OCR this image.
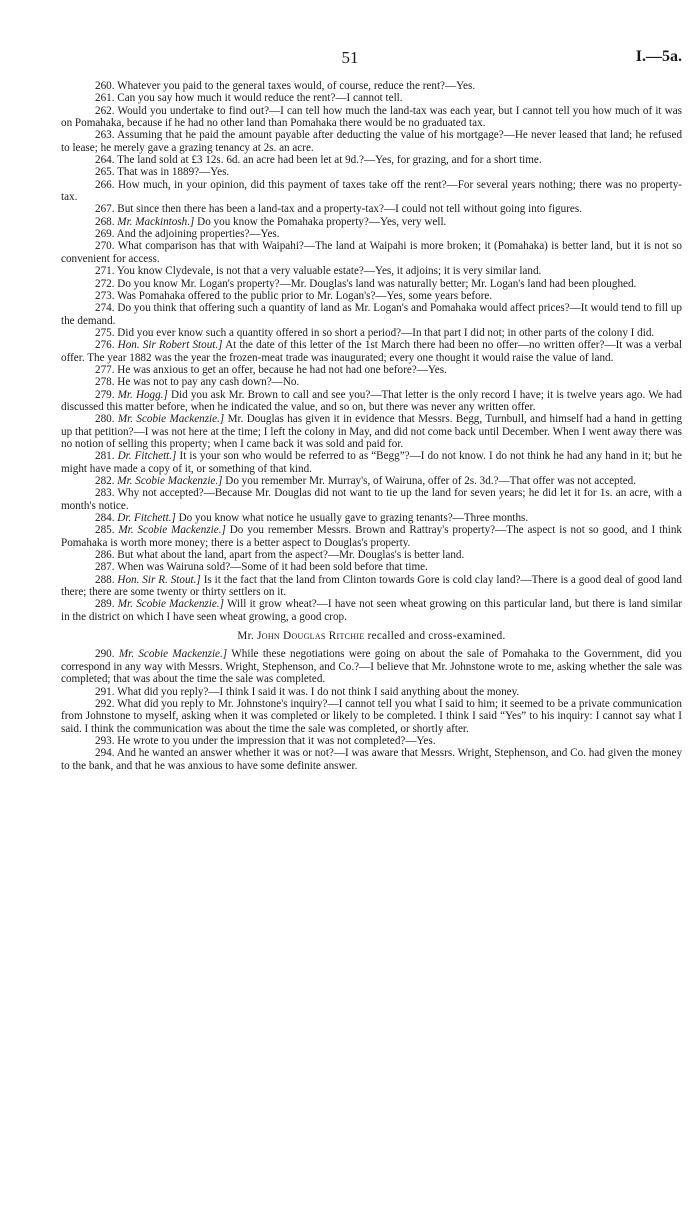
51	I.—5a.

260. Whatever you paid to the general taxes would, of course, reduce the rent?—Yes.

261. Can you say how much it would reduce the rent?—I cannot tell.

262. Would you undertake to find out?—I can tell how much the land-tax was each year, but I cannot tell you how much of it was on Pomahaka, because if he had no other land than Pomahaka there would be no graduated tax.

263. Assuming that he paid the amount payable after deducting the value of his mortgage?—He never leased that land; he refused to lease; he merely gave a grazing tenancy at 2s. an acre.

264. The land sold at £3 12s. 6d. an acre had been let at 9d.?—Yes, for grazing, and for a short time.

265. That was in 1889?—Yes.

266. How much, in your opinion, did this payment of taxes take off the rent?—For several years nothing; there was no property-tax.

267. But since then there has been a land-tax and a property-tax?—I could not tell without going into figures.

268. Mr. Mackintosh.] Do you know the Pomahaka property?—Yes, very well.

269. And the adjoining properties?—Yes.

270. What comparison has that with Waipahi?—The land at Waipahi is more broken; it (Pomahaka) is better land, but it is not so convenient for access.

271. You know Clydevale, is not that a very valuable estate?—Yes, it adjoins; it is very similar land.

272. Do you know Mr. Logan's property?—Mr. Douglas's land was naturally better; Mr. Logan's land had been ploughed.

273. Was Pomahaka offered to the public prior to Mr. Logan's?—Yes, some years before.

274. Do you think that offering such a quantity of land as Mr. Logan's and Pomahaka would affect prices?—It would tend to fill up the demand.

275. Did you ever know such a quantity offered in so short a period?—In that part I did not; in other parts of the colony I did.

276. Hon. Sir Robert Stout.] At the date of this letter of the 1st March there had been no offer—no written offer?—It was a verbal offer. The year 1882 was the year the frozen-meat trade was inaugurated; every one thought it would raise the value of land.

277. He was anxious to get an offer, because he had not had one before?—Yes.

278. He was not to pay any cash down?—No.

279. Mr. Hogg.] Did you ask Mr. Brown to call and see you?—That letter is the only record I have; it is twelve years ago. We had discussed this matter before, when he indicated the value, and so on, but there was never any written offer.

280. Mr. Scobie Mackenzie.] Mr. Douglas has given it in evidence that Messrs. Begg, Turnbull, and himself had a hand in getting up that petition?—I was not here at the time; I left the colony in May, and did not come back until December. When I went away there was no notion of selling this property; when I came back it was sold and paid for.

281. Dr. Fitchett.] It is your son who would be referred to as “Begg”?—I do not know. I do not think he had any hand in it; but he might have made a copy of it, or something of that kind.

282. Mr. Scobie Mackenzie.] Do you remember Mr. Murray's, of Wairuna, offer of 2s. 3d.?—That offer was not accepted.

283. Why not accepted?—Because Mr. Douglas did not want to tie up the land for seven years; he did let it for 1s. an acre, with a month's notice.

284. Dr. Fitchett.] Do you know what notice he usually gave to grazing tenants?—Three months.

285. Mr. Scobie Mackenzie.] Do you remember Messrs. Brown and Rattray's property?—The aspect is not so good, and I think Pomahaka is worth more money; there is a better aspect to Douglas's property.

286. But what about the land, apart from the aspect?—Mr. Douglas's is better land.

287. When was Wairuna sold?—Some of it had been sold before that time.

288. Hon. Sir R. Stout.] Is it the fact that the land from Clinton towards Gore is cold clay land?—There is a good deal of good land there; there are some twenty or thirty settlers on it.

289. Mr. Scobie Mackenzie.] Will it grow wheat?—I have not seen wheat growing on this particular land, but there is land similar in the district on which I have seen wheat growing, a good crop.

Mr. John Douglas Ritchie recalled and cross-examined.

290. Mr. Scobie Mackenzie.] While these negotiations were going on about the sale of Pomahaka to the Government, did you correspond in any way with Messrs. Wright, Stephenson, and Co.?—I believe that Mr. Johnstone wrote to me, asking whether the sale was completed; that was about the time the sale was completed.

291. What did you reply?—I think I said it was. I do not think I said anything about the money.

292. What did you reply to Mr. Johnstone's inquiry?—I cannot tell you what I said to him; it seemed to be a private communication from Johnstone to myself, asking when it was completed or likely to be completed. I think I said “Yes” to his inquiry: I cannot say what I said. I think the communication was about the time the sale was completed, or shortly after.

293. He wrote to you under the impression that it was not completed?—Yes.

294. And he wanted an answer whether it was or not?—I was aware that Messrs. Wright, Stephenson, and Co. had given the money to the bank, and that he was anxious to have some definite answer.
